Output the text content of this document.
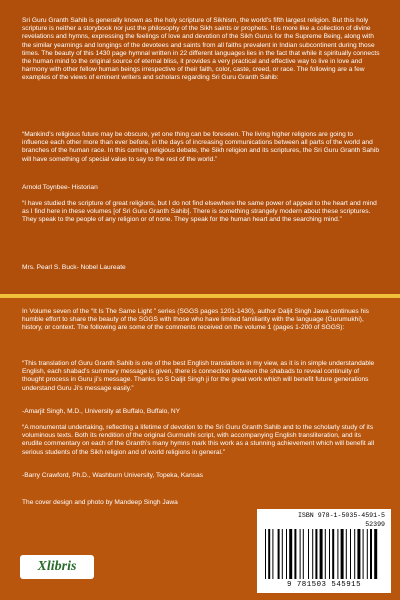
Sri Guru Granth Sahib is generally known as the holy scripture of Sikhism, the world’s fifth largest religion. But this holy scripture is neither a storybook nor just the philosophy of the Sikh saints or prophets. It is more like a collection of divine revelations and hymns, expressing the feelings of love and devotion of the Sikh Gurus for the Supreme Being, along with the similar yearnings and longings of the devotees and saints from all faiths prevalent in Indian subcontinent during those times. The beauty of this 1430 page hymnal written in 22 different languages lies in the fact that while it spiritually connects the human mind to the original source of eternal bliss, it provides a very practical and effective way to live in love and harmony with other fellow human beings irrespective of their faith, color, caste, creed, or race. The following are a few examples of the views of eminent writers and scholars regarding Sri Guru Granth Sahib:

“Mankind’s religious future may be obscure, yet one thing can be foreseen. The living higher religions are going to influence each other more than ever before, in the days of increasing communications between all parts of the world and branches of the human race. In this coming religious debate, the Sikh religion and its scriptures, the Sri Guru Granth Sahib will have something of special value to say to the rest of the world.”

Arnold Toynbee- Historian

“I have studied the scripture of great religions, but I do not find elsewhere the same power of appeal to the heart and mind as I find here in these volumes [of Sri Guru Granth Sahib]. There is something strangely modern about these scriptures. They speak to the people of any religion or of none. They speak for the human heart and the searching mind.”

Mrs. Pearl S. Buck- Nobel Laureate

In Volume seven of the “It Is The Same Light ” series (SGGS pages 1201-1430), author Daljit Singh Jawa continues his humble effort to share the beauty of the SGGS with those who have limited familiarity with the language (Gurumukhi), history, or context. The following are some of the comments received on the volume 1 (pages 1-200 of SGGS):

“This translation of Guru Granth Sahib is one of the best English translations in my view, as it is in simple understandable English, each shabad’s summary message is given, there is connection between the shabads to reveal continuity of thought process in Guru ji’s message. Thanks to S Daljit Singh ji for the great work which will benefit future generations understand Guru Ji’s message easily.”

-Amarjit Singh, M.D., University at Buffalo, Buffalo, NY

“A monumental undertaking, reflecting a lifetime of devotion to the Sri Guru Granth Sahib and to the scholarly study of its voluminous texts. Both its rendition of the original Gurmukhi script, with accompanying English transliteration, and its erudite commentary on each of the Granth’s many hymns mark this work as a stunning achievement which will benefit all serious students of the Sikh religion and of world religions in general.”

-Barry Crawford, Ph.D., Washburn University, Topeka, Kansas

The cover design and photo by Mandeep Singh Jawa

Xlibris
ISBN 978-1-5035-4591-5
52399
9 781503 545915
